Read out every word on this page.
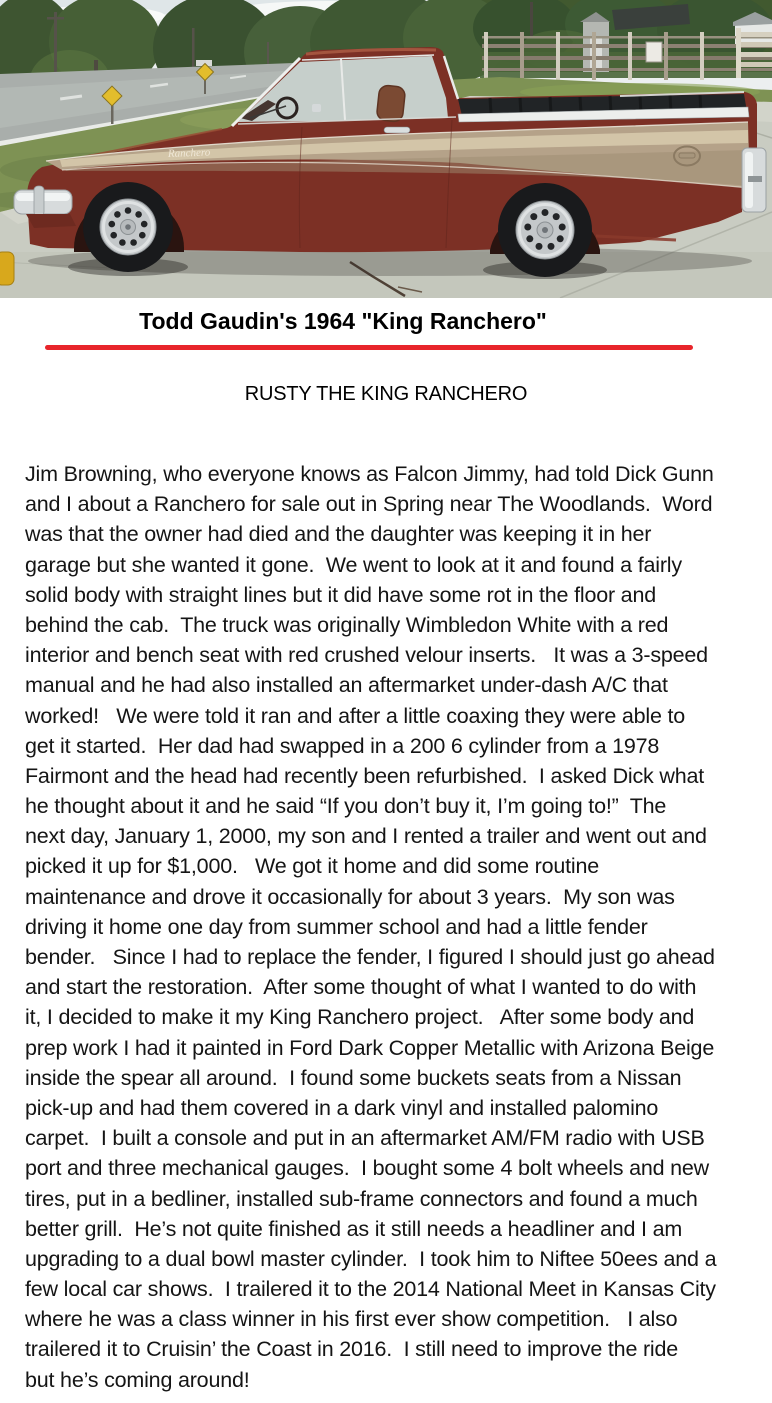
Ranchero
Todd Gaudin's 1964 "King Ranchero"
RUSTY THE KING RANCHERO
Jim Browning, who everyone knows as Falcon Jimmy, had told Dick Gunn
and I about a Ranchero for sale out in Spring near The Woodlands.  Word
was that the owner had died and the daughter was keeping it in her
garage but she wanted it gone.  We went to look at it and found a fairly
solid body with straight lines but it did have some rot in the floor and
behind the cab.  The truck was originally Wimbledon White with a red
interior and bench seat with red crushed velour inserts.   It was a 3-speed
manual and he had also installed an aftermarket under-dash A/C that
worked!   We were told it ran and after a little coaxing they were able to
get it started.  Her dad had swapped in a 200 6 cylinder from a 1978
Fairmont and the head had recently been refurbished.  I asked Dick what
he thought about it and he said “If you don’t buy it, I’m going to!”  The
next day, January 1, 2000, my son and I rented a trailer and went out and
picked it up for $1,000.   We got it home and did some routine
maintenance and drove it occasionally for about 3 years.  My son was
driving it home one day from summer school and had a little fender
bender.   Since I had to replace the fender, I figured I should just go ahead
and start the restoration.  After some thought of what I wanted to do with
it, I decided to make it my King Ranchero project.   After some body and
prep work I had it painted in Ford Dark Copper Metallic with Arizona Beige
inside the spear all around.  I found some buckets seats from a Nissan
pick-up and had them covered in a dark vinyl and installed palomino
carpet.  I built a console and put in an aftermarket AM/FM radio with USB
port and three mechanical gauges.  I bought some 4 bolt wheels and new
tires, put in a bedliner, installed sub-frame connectors and found a much
better grill.  He’s not quite finished as it still needs a headliner and I am
upgrading to a dual bowl master cylinder.  I took him to Niftee 50ees and a
few local car shows.  I trailered it to the 2014 National Meet in Kansas City
where he was a class winner in his first ever show competition.   I also
trailered it to Cruisin’ the Coast in 2016.  I still need to improve the ride
but he’s coming around!
